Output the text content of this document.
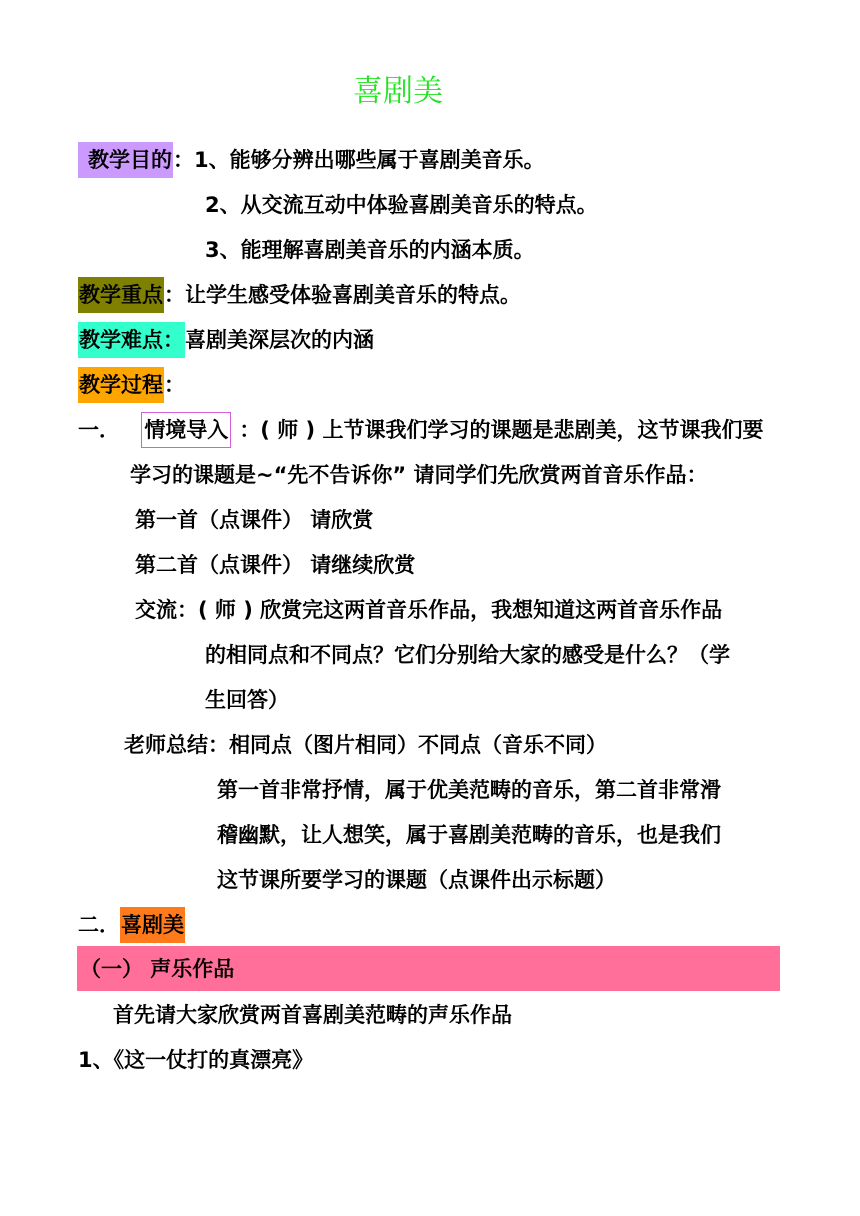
喜剧美
教学目的：1、能够分辨出哪些属于喜剧美音乐。
2、从交流互动中体验喜剧美音乐的特点。
3、能理解喜剧美音乐的内涵本质。
教学重点：让学生感受体验喜剧美音乐的特点。
教学难点：喜剧美深层次的内涵
教学过程：
一． 情境导入 ：( 师 ) 上节课我们学习的课题是悲剧美，这节课我们要
学习的课题是~“先不告诉你” 请同学们先欣赏两首音乐作品：
第一首（点课件） 请欣赏
第二首（点课件） 请继续欣赏
交流：( 师 ) 欣赏完这两首音乐作品，我想知道这两首音乐作品
的相同点和不同点？它们分别给大家的感受是什么？（学
生回答）
老师总结：相同点（图片相同）不同点（音乐不同）
第一首非常抒情，属于优美范畴的音乐，第二首非常滑
稽幽默，让人想笑，属于喜剧美范畴的音乐，也是我们
这节课所要学习的课题（点课件出示标题）
二．喜剧美
（一） 声乐作品
首先请大家欣赏两首喜剧美范畴的声乐作品
1、《这一仗打的真漂亮》
